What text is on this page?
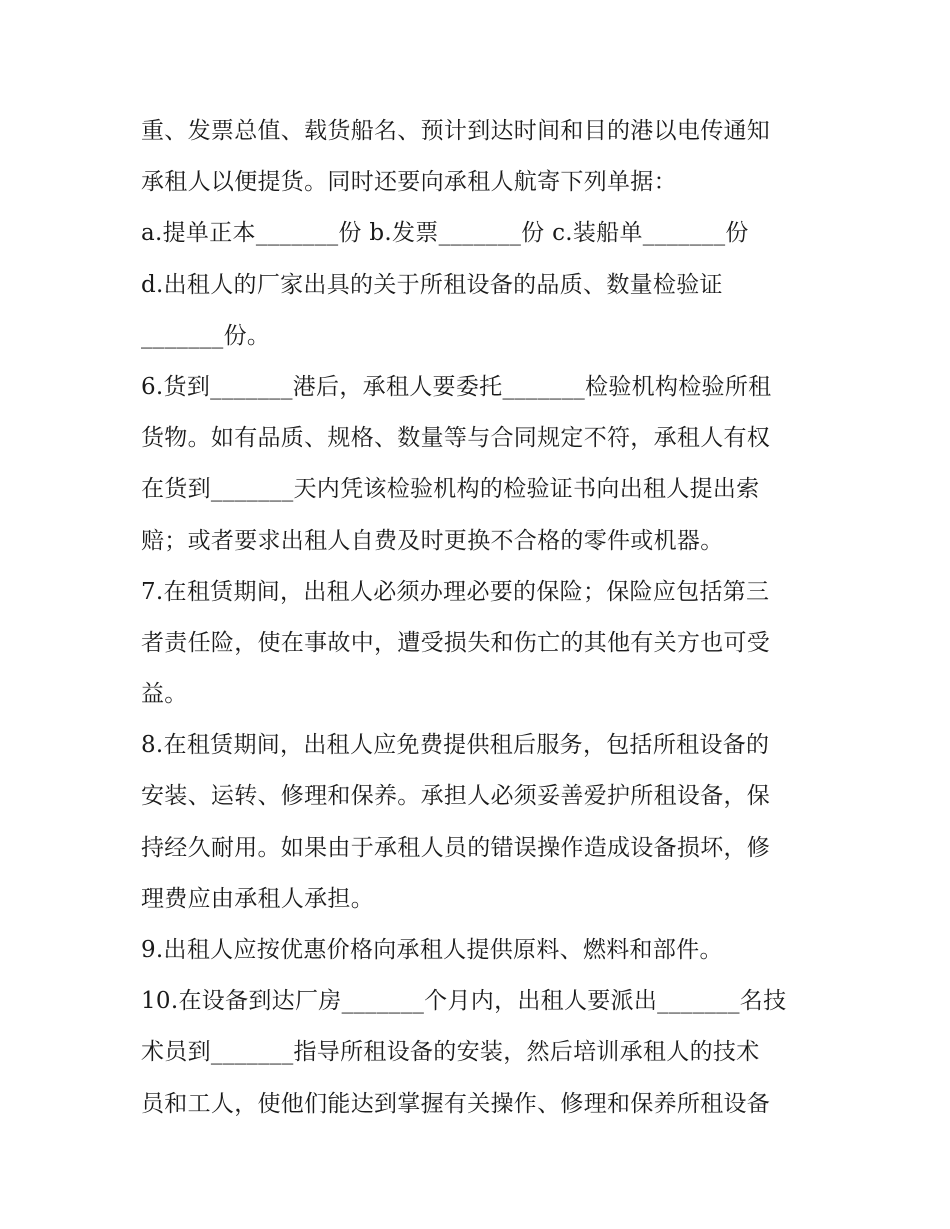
重、发票总值、载货船名、预计到达时间和目的港以电传通知
承租人以便提货。同时还要向承租人航寄下列单据：
a.提单正本_______份 b.发票_______份 c.装船单_______份
d.出租人的厂家出具的关于所租设备的品质、数量检验证
_______份。
6.货到_______港后，承租人要委托_______检验机构检验所租
货物。如有品质、规格、数量等与合同规定不符，承租人有权
在货到_______天内凭该检验机构的检验证书向出租人提出索
赔；或者要求出租人自费及时更换不合格的零件或机器。
7.在租赁期间，出租人必须办理必要的保险；保险应包括第三
者责任险，使在事故中，遭受损失和伤亡的其他有关方也可受
益。
8.在租赁期间，出租人应免费提供租后服务，包括所租设备的
安装、运转、修理和保养。承担人必须妥善爱护所租设备，保
持经久耐用。如果由于承租人员的错误操作造成设备损坏，修
理费应由承租人承担。
9.出租人应按优惠价格向承租人提供原料、燃料和部件。
10.在设备到达厂房_______个月内，出租人要派出_______名技
术员到_______指导所租设备的安装，然后培训承租人的技术
员和工人，使他们能达到掌握有关操作、修理和保养所租设备
